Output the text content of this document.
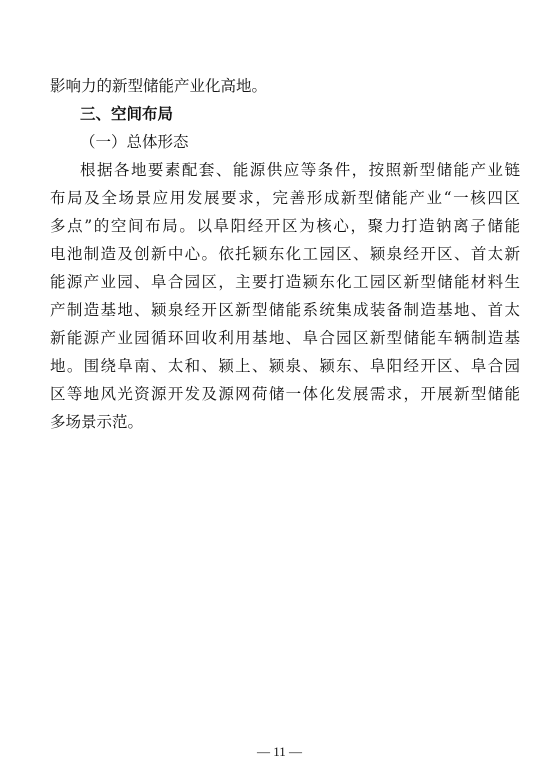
影响力的新型储能产业化高地。
三、空间布局
（一）总体形态
根据各地要素配套、能源供应等条件，按照新型储能产业链
布局及全场景应用发展要求，完善形成新型储能产业“一核四区
多点”的空间布局。以阜阳经开区为核心，聚力打造钠离子储能
电池制造及创新中心。依托颍东化工园区、颍泉经开区、首太新
能源产业园、阜合园区，主要打造颍东化工园区新型储能材料生
产制造基地、颍泉经开区新型储能系统集成装备制造基地、首太
新能源产业园循环回收利用基地、阜合园区新型储能车辆制造基
地。围绕阜南、太和、颍上、颍泉、颍东、阜阳经开区、阜合园
区等地风光资源开发及源网荷储一体化发展需求，开展新型储能
多场景示范。
— 11 —
